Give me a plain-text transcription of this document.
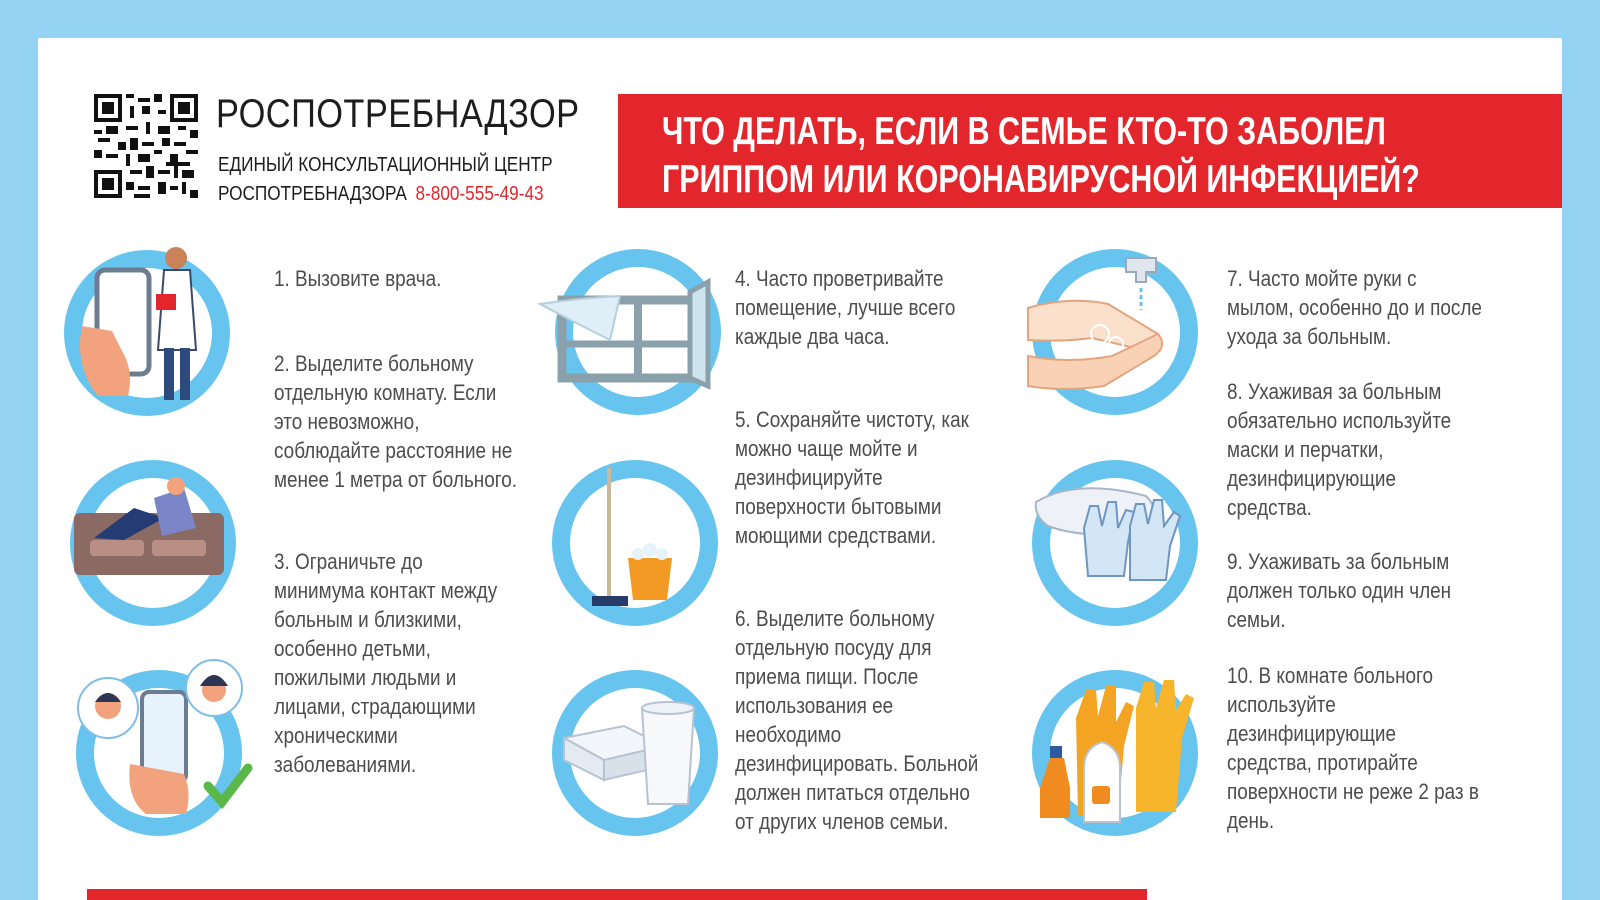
РОСПОТРЕБНАДЗОР
ЕДИНЫЙ КОНСУЛЬТАЦИОННЫЙ ЦЕНТР
РОСПОТРЕБНАДЗОРА 8-800-555-49-43
ЧТО ДЕЛАТЬ, ЕСЛИ В СЕМЬЕ КТО-ТО ЗАБОЛЕЛ
ГРИППОМ ИЛИ КОРОНАВИРУСНОЙ ИНФЕКЦИЕЙ?
1. Вызовите врача.
2. Выделите больному
отдельную комнату. Если
это невозможно,
соблюдайте расстояние не
менее 1 метра от больного.
3. Ограничьте до
минимума контакт между
больным и близкими,
особенно детьми,
пожилыми людьми и
лицами, страдающими
хроническими
заболеваниями.
4. Часто проветривайте
помещение, лучше всего
каждые два часа.
5. Сохраняйте чистоту, как
можно чаще мойте и
дезинфицируйте
поверхности бытовыми
моющими средствами.
6. Выделите больному
отдельную посуду для
приема пищи. После
использования ее
необходимо
дезинфицировать. Больной
должен питаться отдельно
от других членов семьи.
7. Часто мойте руки с
мылом, особенно до и после
ухода за больным.
8. Ухаживая за больным
обязательно используйте
маски и перчатки,
дезинфицирующие
средства.
9. Ухаживать за больным
должен только один член
семьи.
10. В комнате больного
используйте
дезинфицирующие
средства, протирайте
поверхности не реже 2 раз в
день.
